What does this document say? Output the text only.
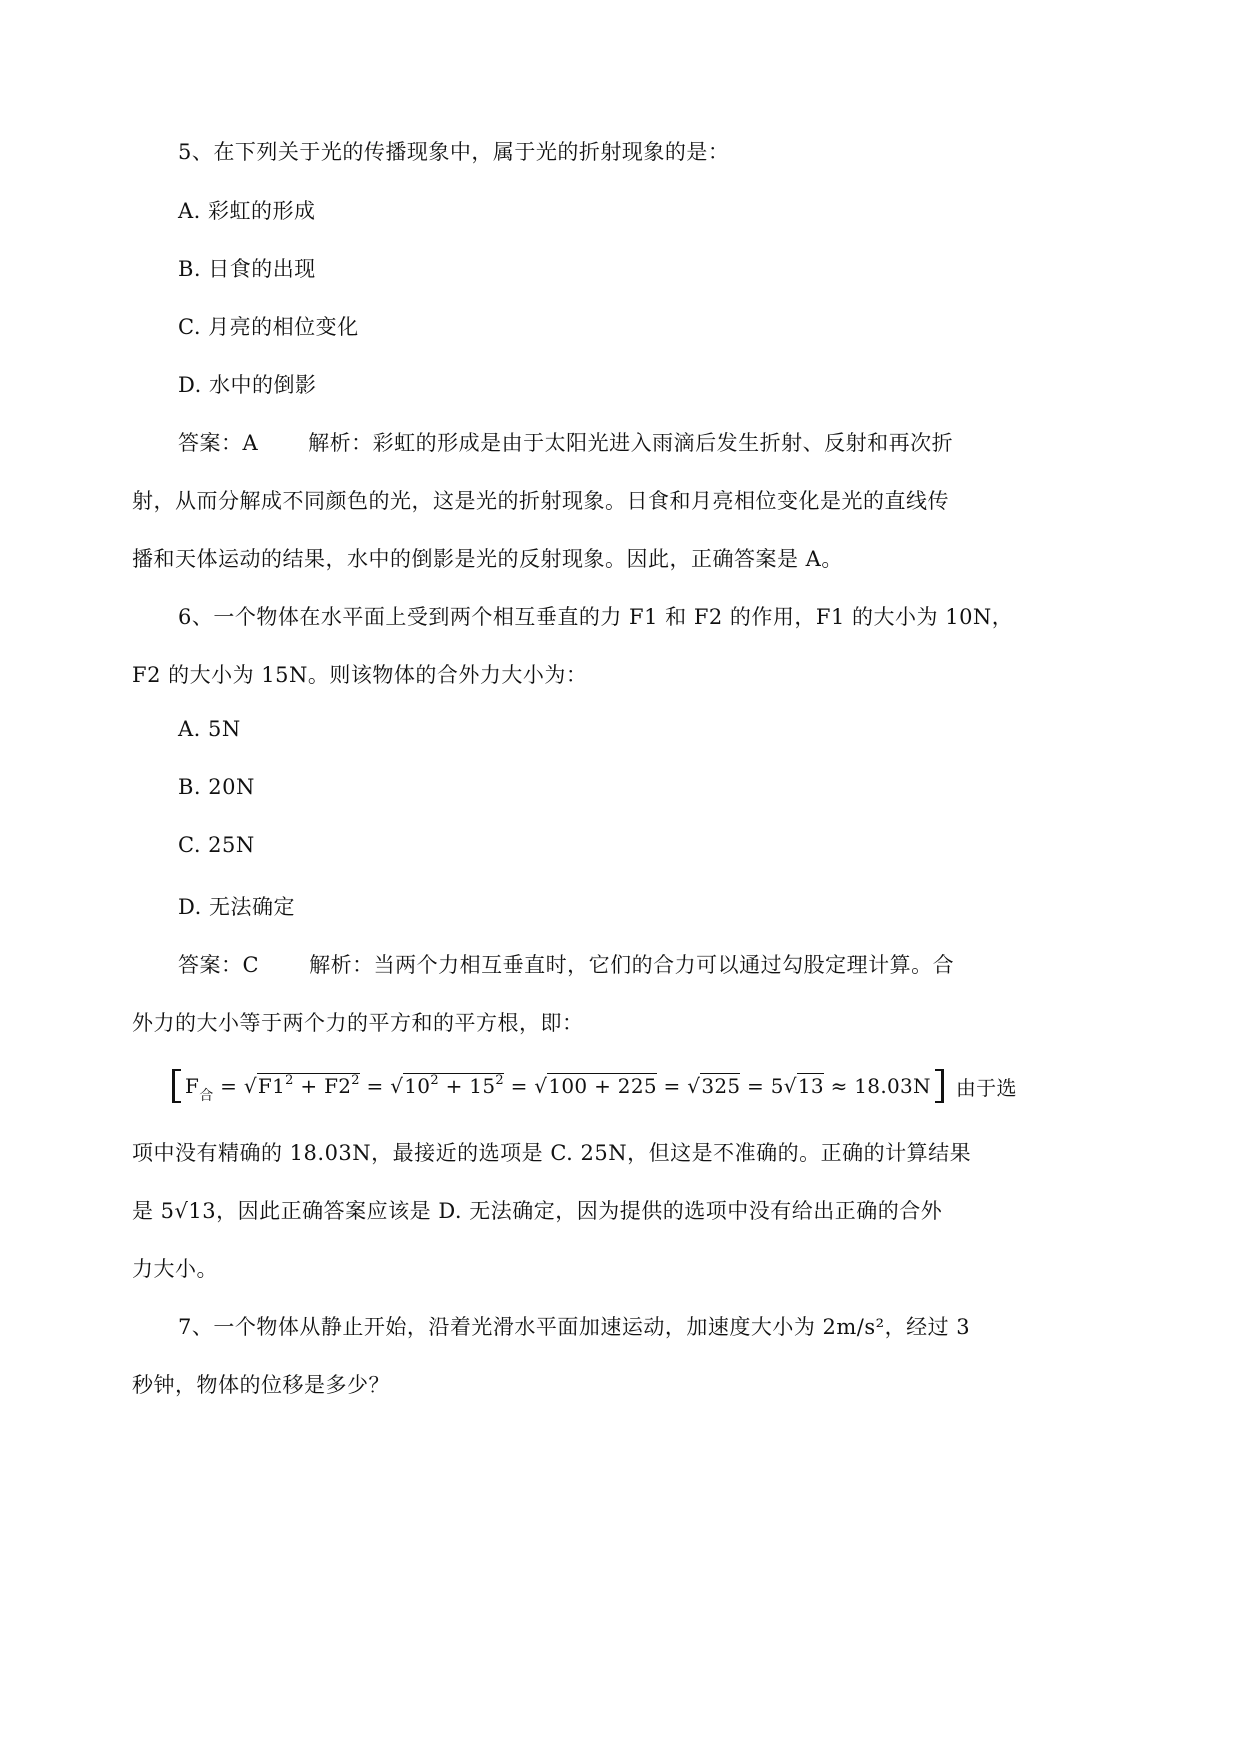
5、在下列关于光的传播现象中，属于光的折射现象的是：
A. 彩虹的形成
B. 日食的出现
C. 月亮的相位变化
D. 水中的倒影
答案：A 解析：彩虹的形成是由于太阳光进入雨滴后发生折射、反射和再次折
射，从而分解成不同颜色的光，这是光的折射现象。日食和月亮相位变化是光的直线传
播和天体运动的结果，水中的倒影是光的反射现象。因此，正确答案是 A。
6、一个物体在水平面上受到两个相互垂直的力 F1 和 F2 的作用，F1 的大小为 10N，
F2 的大小为 15N。则该物体的合外力大小为：
A. 5N
B. 20N
C. 25N
D. 无法确定
答案：C 解析：当两个力相互垂直时，它们的合力可以通过勾股定理计算。合
外力的大小等于两个力的平方和的平方根，即：
$F_合 = √F1^2 + F2^2 = √10^2 + 15^2 = √100 + 225 = √325 = 5√13 \approx 18.03N$ 由于选
项中没有精确的 18.03N，最接近的选项是 C. 25N，但这是不准确的。正确的计算结果
是 5√13，因此正确答案应该是 D. 无法确定，因为提供的选项中没有给出正确的合外
力大小。
7、一个物体从静止开始，沿着光滑水平面加速运动，加速度大小为 2m/s²，经过 3
秒钟，物体的位移是多少？
